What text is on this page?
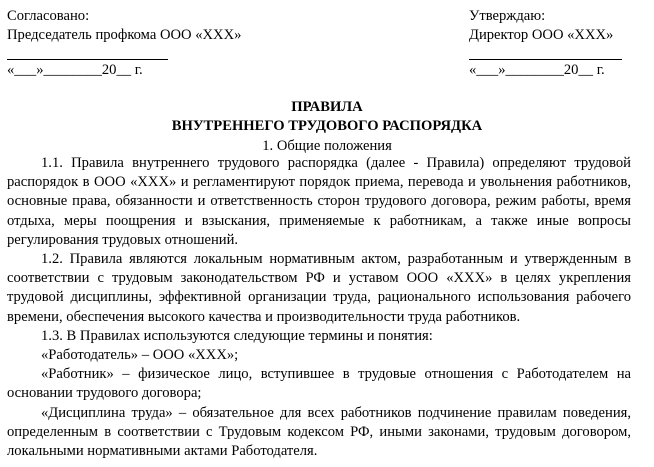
Согласовано:
Председатель профкома ООО «ХХХ»
«___»________20__ г.
Утверждаю:
Директор ООО «ХХХ»
«___»________20__ г.
ПРАВИЛА
ВНУТРЕННЕГО ТРУДОВОГО РАСПОРЯДКА
1. Общие положения

1.1. Правила внутреннего трудового распорядка (далее - Правила) определяют трудовой распорядок в ООО «ХХХ» и регламентируют порядок приема, перевода и увольнения работников, основные права, обязанности и ответственность сторон трудового договора, режим работы, время отдыха, меры поощрения и взыскания, применяемые к работникам, а также иные вопросы регулирования трудовых отношений.

1.2. Правила являются локальным нормативным актом, разработанным и утвержденным в соответствии с трудовым законодательством РФ и уставом ООО «ХХХ» в целях укрепления трудовой дисциплины, эффективной организации труда, рационального использования рабочего времени, обеспечения высокого качества и производительности труда работников.

1.3. В Правилах используются следующие термины и понятия:

«Работодатель» – ООО «ХХХ»;

«Работник» – физическое лицо, вступившее в трудовые отношения с Работодателем на основании трудового договора;

«Дисциплина труда» – обязательное для всех работников подчинение правилам поведения, определенным в соответствии с Трудовым кодексом РФ, иными законами, трудовым договором, локальными нормативными актами Работодателя.
